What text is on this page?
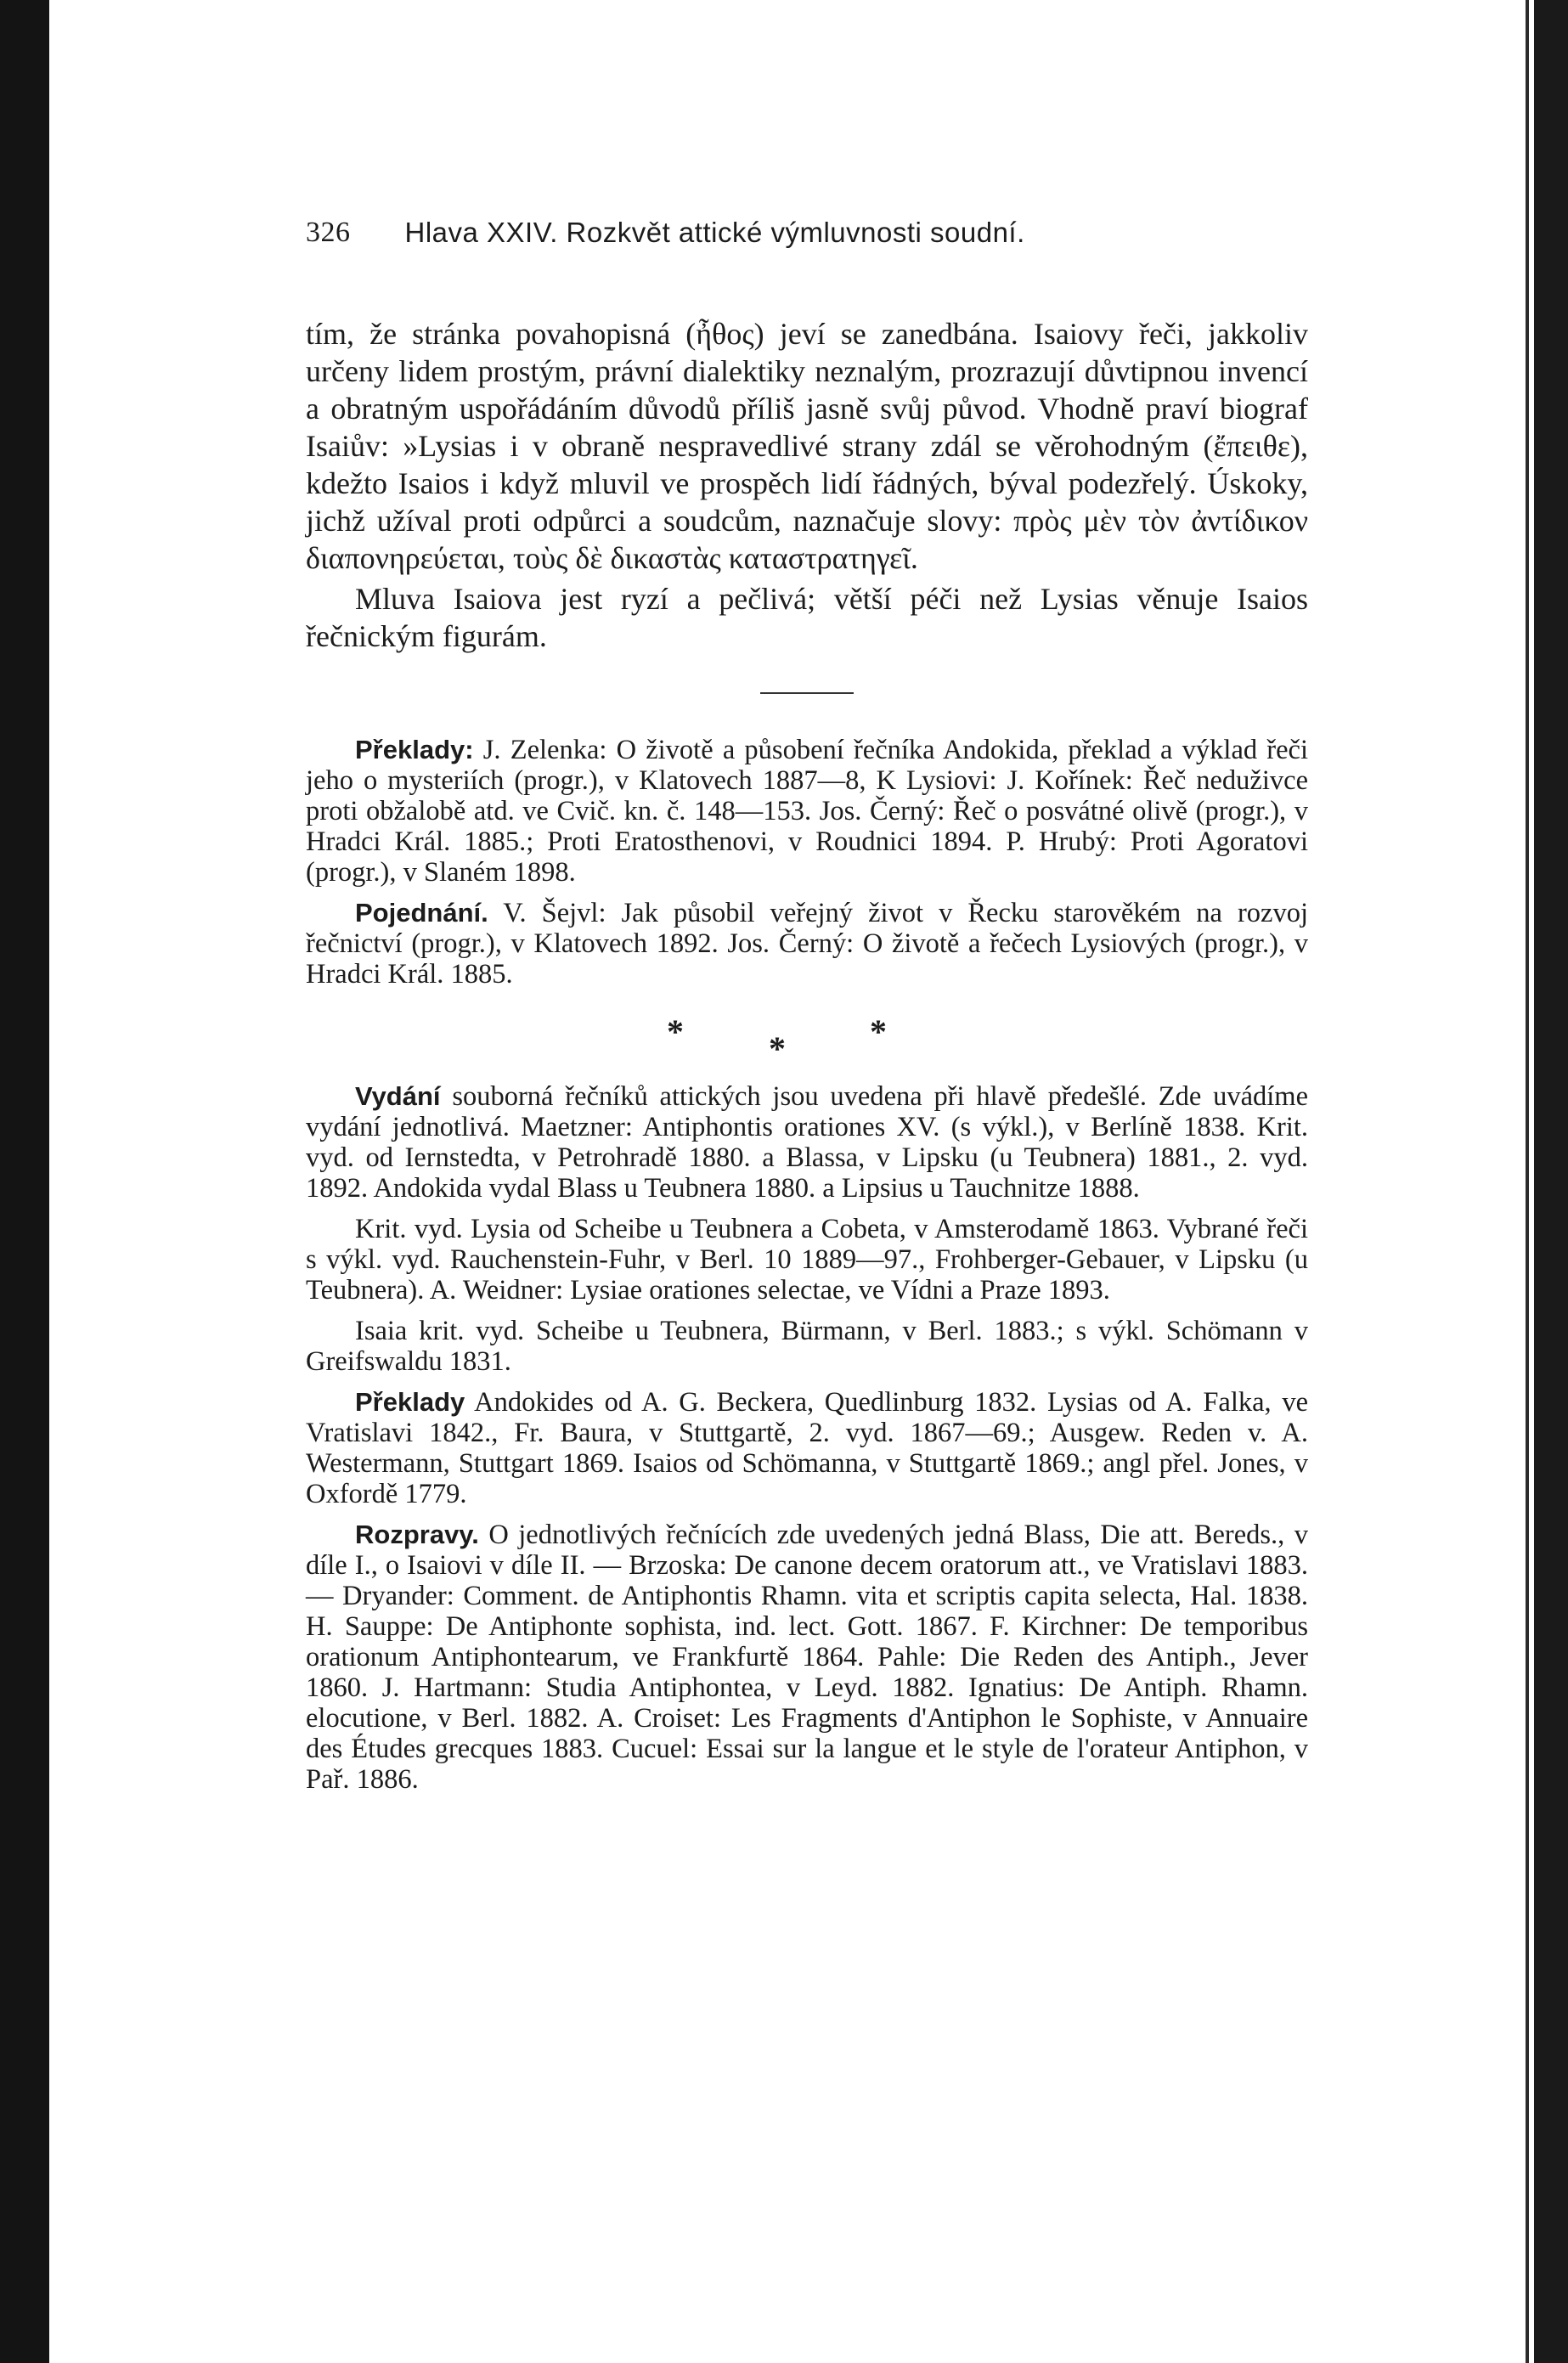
326 Hlava XXIV. Rozkvět attické výmluvnosti soudní.

tím, že stránka povahopisná (ἦθος) jeví se zanedbána. Isaiovy řeči, jakkoliv určeny lidem prostým, právní dialektiky neznalým, prozrazují důvtipnou invencí a obratným uspořádáním důvodů příliš jasně svůj původ. Vhodně praví biograf Isaiův: »Lysias i v obraně nespravedlivé strany zdál se věrohodným (ἔπειθε), kdežto Isaios i když mluvil ve prospěch lidí řádných, býval podezřelý. Úskoky, jichž užíval proti odpůrci a soudcům, naznačuje slovy: πρὸς μὲν τὸν ἀντίδικον διαπονηρεύεται, τοὺς δὲ δικαστὰς καταστρατηγεῖ.

Mluva Isaiova jest ryzí a pečlivá; větší péči než Lysias věnuje Isaios řečnickým figurám.

Překlady: J. Zelenka: O životě a působení řečníka Andokida, překlad a výklad řeči jeho o mysteriích (progr.), v Klatovech 1887—8, K Lysiovi: J. Kořínek: Řeč neduživce proti obžalobě atd. ve Cvič. kn. č. 148—153. Jos. Černý: Řeč o posvátné olivě (progr.), v Hradci Král. 1885.; Proti Eratosthenovi, v Roudnici 1894. P. Hrubý: Proti Agoratovi (progr.), v Slaném 1898.

Pojednání. V. Šejvl: Jak působil veřejný život v Řecku starověkém na rozvoj řečnictví (progr.), v Klatovech 1892. Jos. Černý: O životě a řečech Lysiových (progr.), v Hradci Král. 1885.

*	* *

Vydání souborná řečníků attických jsou uvedena při hlavě předešlé. Zde uvádíme vydání jednotlivá. Maetzner: Antiphontis orationes XV. (s výkl.), v Berlíně 1838. Krit. vyd. od Iernstedta, v Petrohradě 1880. a Blassa, v Lipsku (u Teubnera) 1881., 2. vyd. 1892. Andokida vydal Blass u Teubnera 1880. a Lipsius u Tauchnitze 1888.

Krit. vyd. Lysia od Scheibe u Teubnera a Cobeta, v Amsterodamě 1863. Vybrané řeči s výkl. vyd. Rauchenstein-Fuhr, v Berl. 10 1889—97., Frohberger-Gebauer, v Lipsku (u Teubnera). A. Weidner: Lysiae orationes selectae, ve Vídni a Praze 1893.

Isaia krit. vyd. Scheibe u Teubnera, Bürmann, v Berl. 1883.; s výkl. Schömann v Greifswaldu 1831.

Překlady Andokides od A. G. Beckera, Quedlinburg 1832. Lysias od A. Falka, ve Vratislavi 1842., Fr. Baura, v Stuttgartě, 2. vyd. 1867—69.; Ausgew. Reden v. A. Westermann, Stuttgart 1869. Isaios od Schömanna, v Stuttgartě 1869.; angl přel. Jones, v Oxfordě 1779.

Rozpravy. O jednotlivých řečnících zde uvedených jedná Blass, Die att. Bereds., v díle I., o Isaiovi v díle II. — Brzoska: De canone decem oratorum att., ve Vratislavi 1883. — Dryander: Comment. de Antiphontis Rhamn. vita et scriptis capita selecta, Hal. 1838. H. Sauppe: De Antiphonte sophista, ind. lect. Gott. 1867. F. Kirchner: De temporibus orationum Antiphontearum, ve Frankfurtě 1864. Pahle: Die Reden des Antiph., Jever 1860. J. Hartmann: Studia Antiphontea, v Leyd. 1882. Ignatius: De Antiph. Rhamn. elocutione, v Berl. 1882. A. Croiset: Les Fragments d'Antiphon le Sophiste, v Annuaire des Études grecques 1883. Cucuel: Essai sur la langue et le style de l'orateur Antiphon, v Pař. 1886.
